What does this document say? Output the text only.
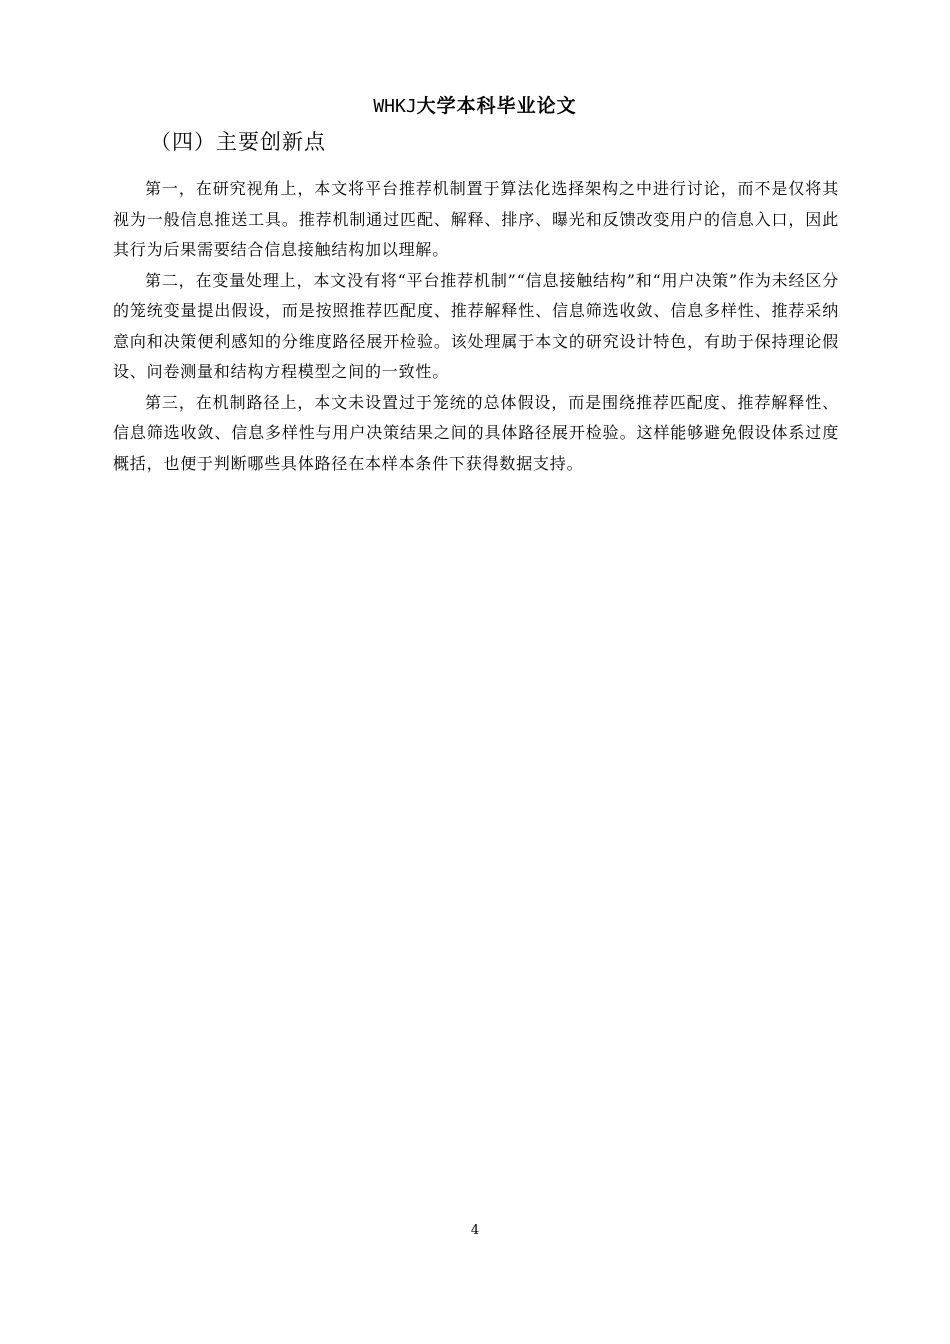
WHKJ大学本科毕业论文
（四）主要创新点

第一，在研究视角上，本文将平台推荐机制置于算法化选择架构之中进行讨论，而不是仅将其视为一般信息推送工具。推荐机制通过匹配、解释、排序、曝光和反馈改变用户的信息入口，因此其行为后果需要结合信息接触结构加以理解。

第二，在变量处理上，本文没有将“平台推荐机制”“信息接触结构”和“用户决策”作为未经区分的笼统变量提出假设，而是按照推荐匹配度、推荐解释性、信息筛选收敛、信息多样性、推荐采纳意向和决策便利感知的分维度路径展开检验。该处理属于本文的研究设计特色，有助于保持理论假设、问卷测量和结构方程模型之间的一致性。

第三，在机制路径上，本文未设置过于笼统的总体假设，而是围绕推荐匹配度、推荐解释性、信息筛选收敛、信息多样性与用户决策结果之间的具体路径展开检验。这样能够避免假设体系过度概括，也便于判断哪些具体路径在本样本条件下获得数据支持。

4
